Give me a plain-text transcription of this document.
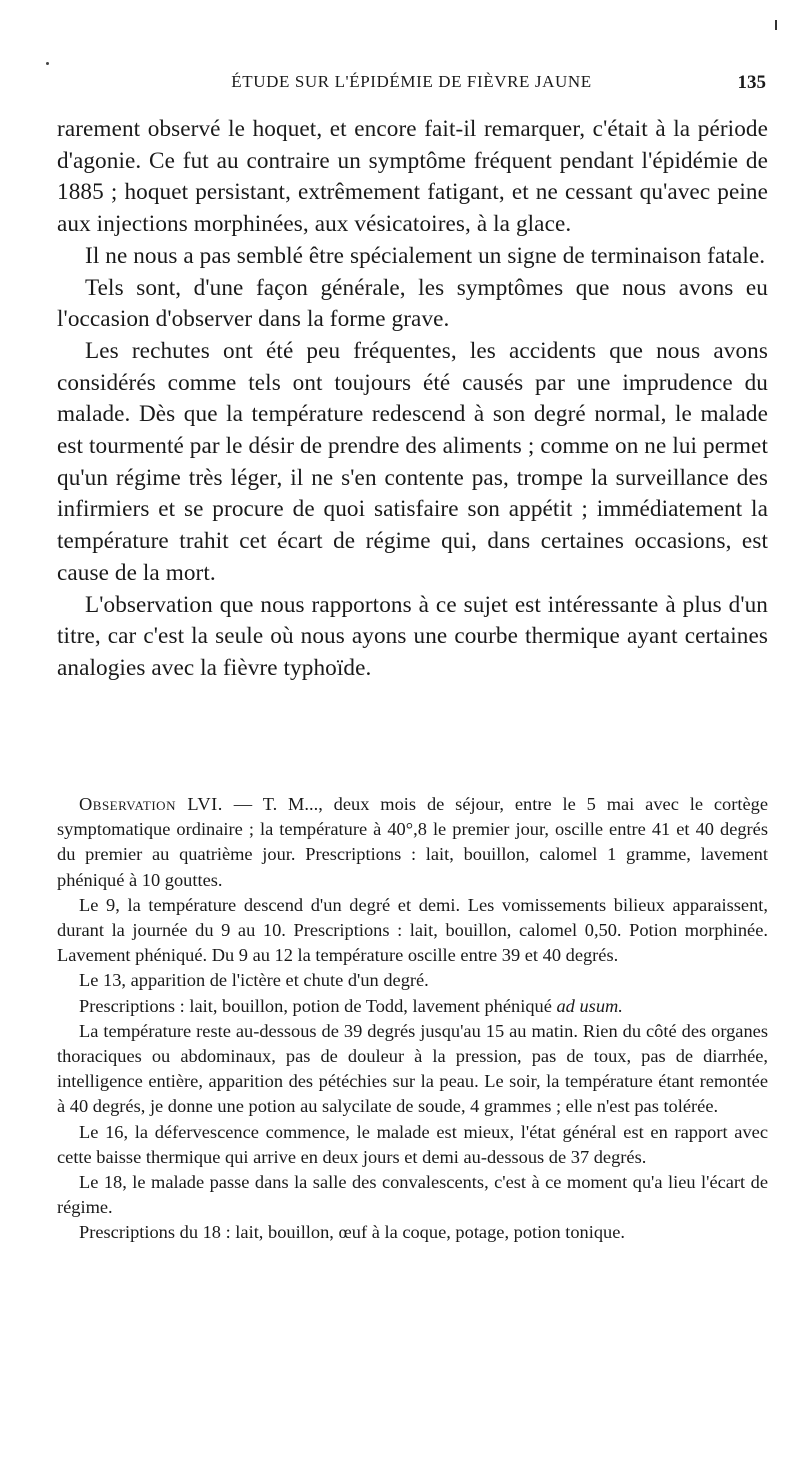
ÉTUDE SUR L'ÉPIDÉMIE DE FIÈVRE JAUNE	135

rarement observé le hoquet, et encore fait-il remarquer, c'était à la période d'agonie. Ce fut au contraire un symptôme fréquent pendant l'épidémie de 1885 ; hoquet persistant, extrêmement fatigant, et ne cessant qu'avec peine aux injections morphinées, aux vésicatoires, à la glace.

Il ne nous a pas semblé être spécialement un signe de terminaison fatale.

Tels sont, d'une façon générale, les symptômes que nous avons eu l'occasion d'observer dans la forme grave.

Les rechutes ont été peu fréquentes, les accidents que nous avons considérés comme tels ont toujours été causés par une imprudence du malade. Dès que la température redescend à son degré normal, le malade est tourmenté par le désir de prendre des aliments ; comme on ne lui permet qu'un régime très léger, il ne s'en contente pas, trompe la surveillance des infirmiers et se procure de quoi satisfaire son appétit ; immédiatement la température trahit cet écart de régime qui, dans certaines occasions, est cause de la mort.

L'observation que nous rapportons à ce sujet est intéressante à plus d'un titre, car c'est la seule où nous ayons une courbe thermique ayant certaines analogies avec la fièvre typhoïde.

Observation LVI. — T. M..., deux mois de séjour, entre le 5 mai avec le cortège symptomatique ordinaire ; la température à 40°,8 le premier jour, oscille entre 41 et 40 degrés du premier au quatrième jour. Prescriptions : lait, bouillon, calomel 1 gramme, lavement phéniqué à 10 gouttes.

Le 9, la température descend d'un degré et demi. Les vomissements bilieux apparaissent, durant la journée du 9 au 10. Prescriptions : lait, bouillon, calomel 0,50. Potion morphinée. Lavement phéniqué. Du 9 au 12 la température oscille entre 39 et 40 degrés.

Le 13, apparition de l'ictère et chute d'un degré.

Prescriptions : lait, bouillon, potion de Todd, lavement phéniqué ad usum.

La température reste au-dessous de 39 degrés jusqu'au 15 au matin. Rien du côté des organes thoraciques ou abdominaux, pas de douleur à la pression, pas de toux, pas de diarrhée, intelligence entière, apparition des pétéchies sur la peau. Le soir, la température étant remontée à 40 degrés, je donne une potion au salycilate de soude, 4 grammes ; elle n'est pas tolérée.

Le 16, la défervescence commence, le malade est mieux, l'état général est en rapport avec cette baisse thermique qui arrive en deux jours et demi au-dessous de 37 degrés.

Le 18, le malade passe dans la salle des convalescents, c'est à ce moment qu'a lieu l'écart de régime.

Prescriptions du 18 : lait, bouillon, œuf à la coque, potage, potion tonique.
